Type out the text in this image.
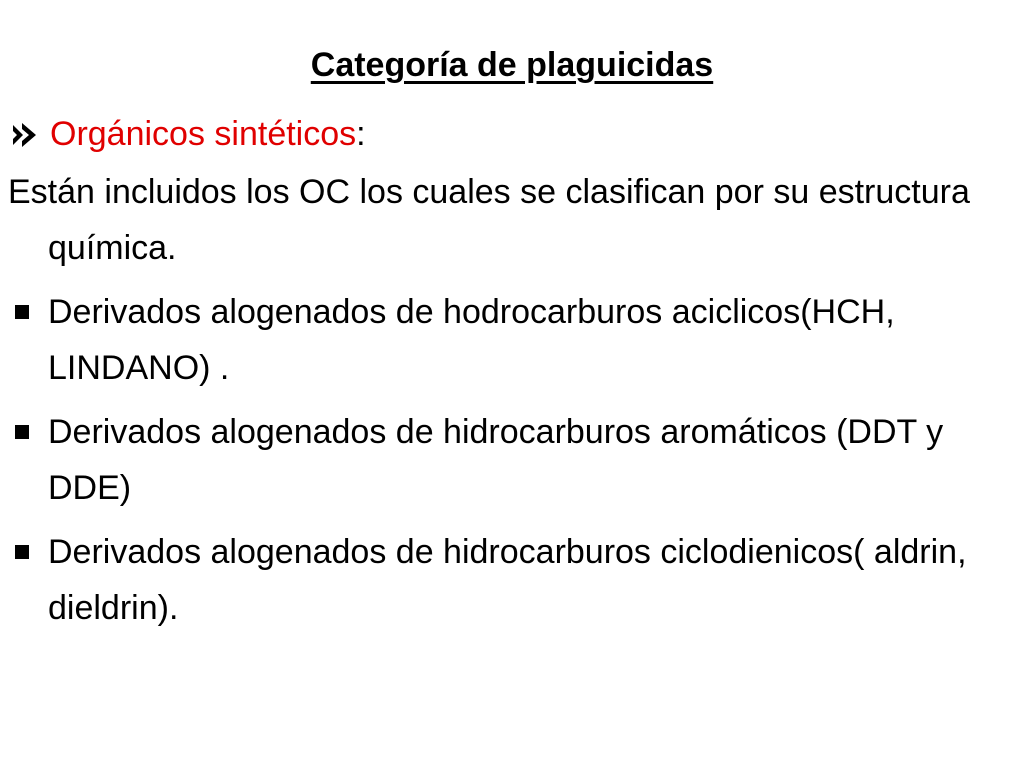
Categoría de plaguicidas
Orgánicos sintéticos:
Están incluidos los OC los cuales se clasifican por su estructura química.
Derivados alogenados de hodrocarburos aciclicos(HCH, LINDANO) .
Derivados alogenados de hidrocarburos aromáticos (DDT y DDE)
Derivados alogenados de hidrocarburos ciclodienicos( aldrin, dieldrin).
